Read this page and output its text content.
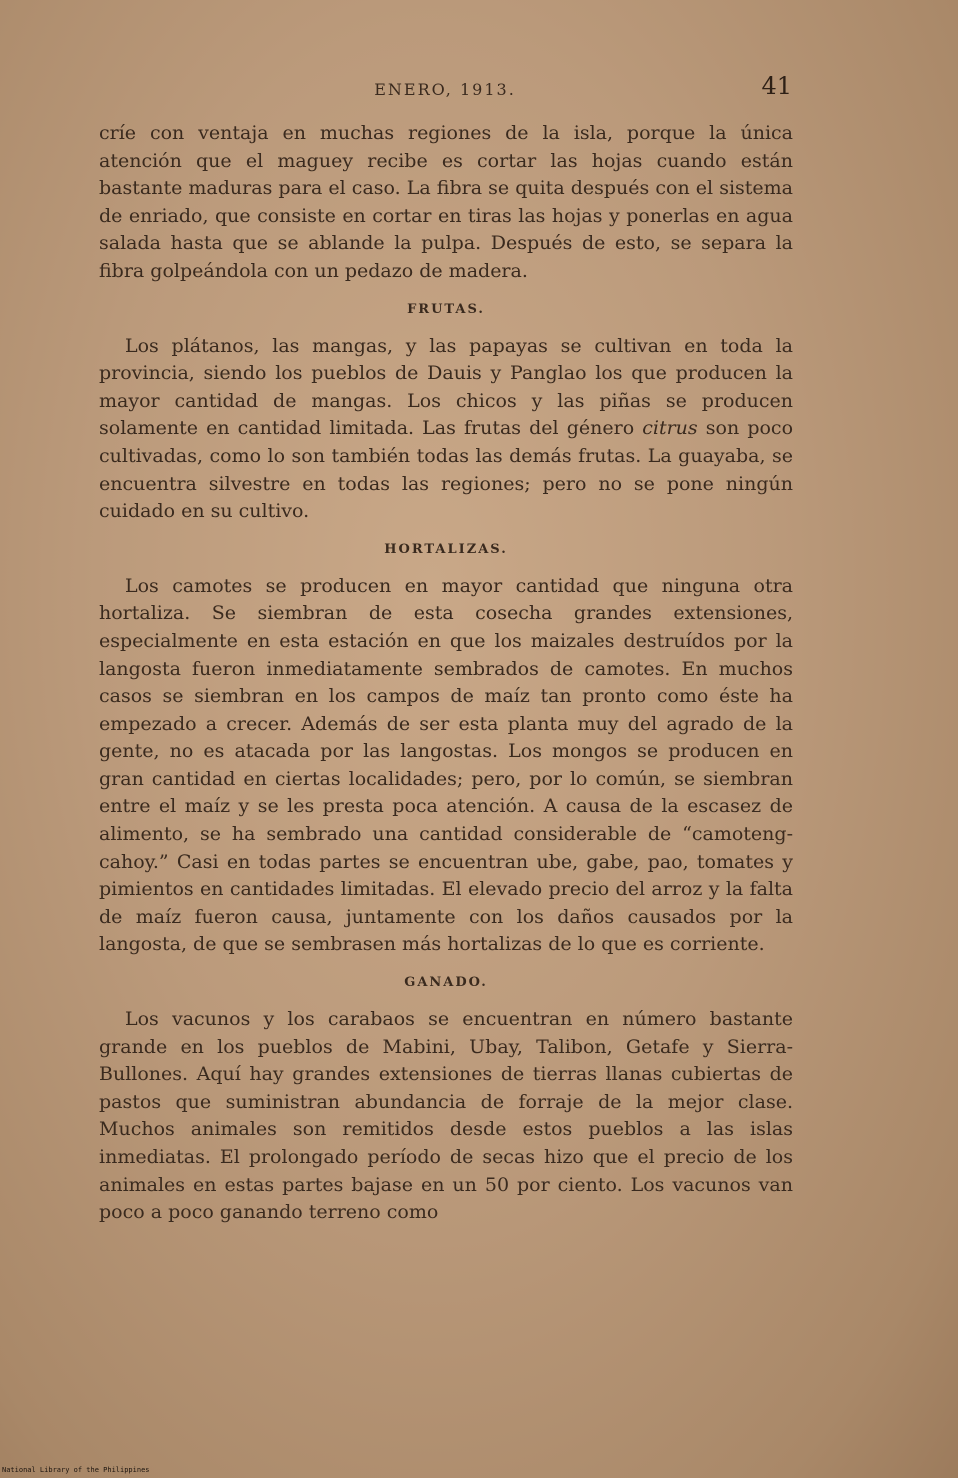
ENERO, 1913.	41

críe con ventaja en muchas regiones de la isla, porque la única atención que el maguey recibe es cortar las hojas cuando están bastante maduras para el caso. La fibra se quita después con el sistema de enriado, que consiste en cortar en tiras las hojas y ponerlas en agua salada hasta que se ablande la pulpa. Después de esto, se separa la fibra golpeándola con un pedazo de madera.

FRUTAS.

Los plátanos, las mangas, y las papayas se cultivan en toda la provincia, siendo los pueblos de Dauis y Panglao los que producen la mayor cantidad de mangas. Los chicos y las piñas se producen solamente en cantidad limitada. Las frutas del género citrus son poco cultivadas, como lo son también todas las demás frutas. La guayaba, se encuentra silvestre en todas las regiones; pero no se pone ningún cuidado en su cultivo.

HORTALIZAS.

Los camotes se producen en mayor cantidad que ninguna otra hortaliza. Se siembran de esta cosecha grandes extensiones, especialmente en esta estación en que los maizales destruídos por la langosta fueron inmediatamente sembrados de camotes. En muchos casos se siembran en los campos de maíz tan pronto como éste ha empezado a crecer. Además de ser esta planta muy del agrado de la gente, no es atacada por las langostas. Los mongos se producen en gran cantidad en ciertas localidades; pero, por lo común, se siembran entre el maíz y se les presta poca atención. A causa de la escasez de alimento, se ha sembrado una cantidad considerable de “camoteng-cahoy.” Casi en todas partes se encuentran ube, gabe, pao, tomates y pimientos en cantidades limitadas. El elevado precio del arroz y la falta de maíz fueron causa, juntamente con los daños causados por la langosta, de que se sembrasen más hortalizas de lo que es corriente.

GANADO.

Los vacunos y los carabaos se encuentran en número bastante grande en los pueblos de Mabini, Ubay, Talibon, Getafe y Sierra-Bullones. Aquí hay grandes extensiones de tierras llanas cubiertas de pastos que suministran abundancia de forraje de la mejor clase. Muchos animales son remitidos desde estos pueblos a las islas inmediatas. El prolongado período de secas hizo que el precio de los animales en estas partes bajase en un 50 por ciento. Los vacunos van poco a poco ganando terreno como

National Library of the Philippines
